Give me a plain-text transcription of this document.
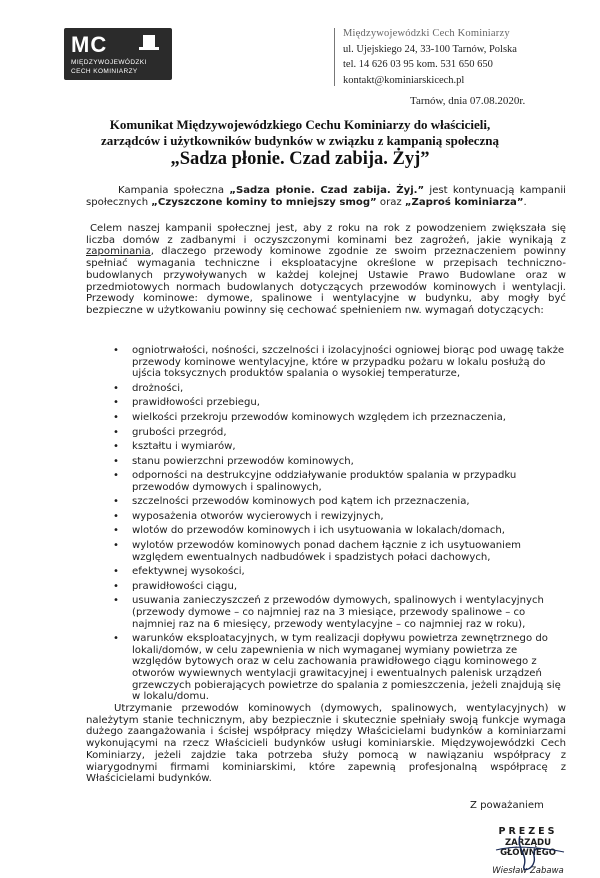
MC
MIĘDZYWOJEWÓDZKI
CECH KOMINIARZY
Międzywojewódzki Cech Kominiarzy
ul. Ujejskiego 24, 33-100 Tarnów, Polska
tel. 14 626 03 95 kom. 531 650 650
kontakt@kominiarskicech.pl
Tarnów, dnia 07.08.2020r.
Komunikat Międzywojewódzkiego Cechu Kominiarzy do właścicieli,
zarządców i użytkowników budynków w związku z kampanią społeczną
„Sadza płonie. Czad zabija. Żyj”
Kampania społeczna „Sadza płonie. Czad zabija. Żyj.” jest kontynuacją kampanii społecznych „Czyszczone kominy to mniejszy smog” oraz „Zaproś kominiarza”.
Celem naszej kampanii społecznej jest, aby z roku na rok z powodzeniem zwiększała się liczba domów z zadbanymi i oczyszczonymi kominami bez zagrożeń, jakie wynikają z zapominania, dlaczego przewody kominowe zgodnie ze swoim przeznaczeniem powinny spełniać wymagania techniczne i eksploatacyjne określone w przepisach techniczno-budowlanych przywoływanych w każdej kolejnej Ustawie Prawo Budowlane oraz w przedmiotowych normach budowlanych dotyczących przewodów kominowych i wentylacji. Przewody kominowe: dymowe, spalinowe i wentylacyjne w budynku, aby mogły być bezpieczne w użytkowaniu powinny się cechować spełnieniem nw. wymagań dotyczących:
• ogniotrwałości, nośności, szczelności i izolacyjności ogniowej biorąc pod uwagę także przewody kominowe wentylacyjne, które w przypadku pożaru w lokalu posłużą do ujścia toksycznych produktów spalania o wysokiej temperaturze,
• drożności,
• prawidłowości przebiegu,
• wielkości przekroju przewodów kominowych względem ich przeznaczenia,
• grubości przegród,
• kształtu i wymiarów,
• stanu powierzchni przewodów kominowych,
• odporności na destrukcyjne oddziaływanie produktów spalania w przypadku przewodów dymowych i spalinowych,
• szczelności przewodów kominowych pod kątem ich przeznaczenia,
• wyposażenia otworów wycierowych i rewizyjnych,
• wlotów do przewodów kominowych i ich usytuowania w lokalach/domach,
• wylotów przewodów kominowych ponad dachem łącznie z ich usytuowaniem względem ewentualnych nadbudówek i spadzistych połaci dachowych,
• efektywnej wysokości,
• prawidłowości ciągu,
• usuwania zanieczyszczeń z przewodów dymowych, spalinowych i wentylacyjnych (przewody dymowe – co najmniej raz na 3 miesiące, przewody spalinowe – co najmniej raz na 6 miesięcy, przewody wentylacyjne – co najmniej raz w roku),
• warunków eksploatacyjnych, w tym realizacji dopływu powietrza zewnętrznego do lokali/domów, w celu zapewnienia w nich wymaganej wymiany powietrza ze względów bytowych oraz w celu zachowania prawidłowego ciągu kominowego z otworów wywiewnych wentylacji grawitacyjnej i ewentualnych palenisk urządzeń grzewczych pobierających powietrze do spalania z pomieszczenia, jeżeli znajdują się w lokalu/domu.
Utrzymanie przewodów kominowych (dymowych, spalinowych, wentylacyjnych) w należytym stanie technicznym, aby bezpiecznie i skutecznie spełniały swoją funkcje wymaga dużego zaangażowania i ścisłej współpracy między Właścicielami budynków a kominiarzami wykonującymi na rzecz Właścicieli budynków usługi kominiarskie. Międzywojewódzki Cech Kominiarzy, jeżeli zajdzie taka potrzeba służy pomocą w nawiązaniu współpracy z wiarygodnymi firmami kominiarskimi, które zapewnią profesjonalną współpracę z Właścicielami budynków.
Z poważaniem
PREZES
ZARZĄDU GŁÓWNEGO
Wiesław Zabawa
